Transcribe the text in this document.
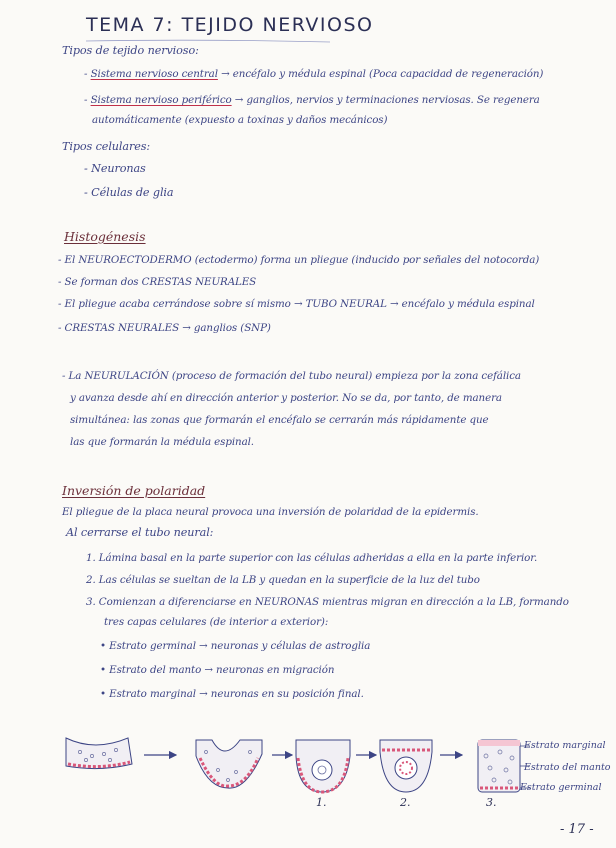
TEMA 7: TEJIDO NERVIOSO
Tipos de tejido nervioso:
- Sistema nervioso central → encéfalo y médula espinal (Poca capacidad de regeneración)
- Sistema nervioso periférico → ganglios, nervios y terminaciones nerviosas. Se regenera
automáticamente (expuesto a toxinas y daños mecánicos)
Tipos celulares:
- Neuronas
- Células de glia
Histogénesis
- El NEUROECTODERMO (ectodermo) forma un pliegue (inducido por señales del notocorda)
- Se forman dos CRESTAS NEURALES
- El pliegue acaba cerrándose sobre sí mismo → TUBO NEURAL → encéfalo y médula espinal
- CRESTAS NEURALES → ganglios (SNP)
- La NEURULACIÓN (proceso de formación del tubo neural) empieza por la zona cefálica
y avanza desde ahí en dirección anterior y posterior. No se da, por tanto, de manera
simultánea: las zonas que formarán el encéfalo se cerrarán más rápidamente que
las que formarán la médula espinal.
Inversión de polaridad
El pliegue de la placa neural provoca una inversión de polaridad de la epidermis.
Al cerrarse el tubo neural:
1. Lámina basal en la parte superior con las células adheridas a ella en la parte inferior.
2. Las células se sueltan de la LB y quedan en la superficie de la luz del tubo
3. Comienzan a diferenciarse en NEURONAS mientras migran en dirección a la LB, formando
tres capas celulares (de interior a exterior):
• Estrato germinal → neuronas y células de astroglia
• Estrato del manto → neuronas en migración
• Estrato marginal → neuronas en su posición final.
1.	2.	3.
Estrato marginal
Estrato del manto
Estrato germinal
- 17 -
